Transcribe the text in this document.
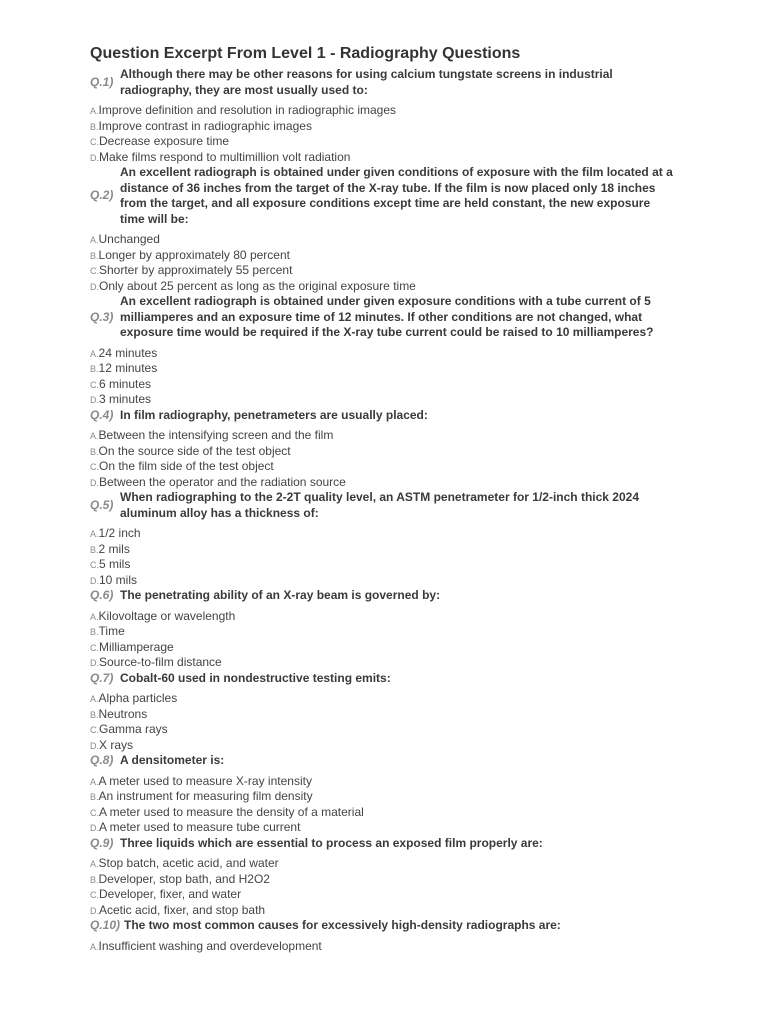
Question Excerpt From Level 1 - Radiography Questions
Q.1)
Although there may be other reasons for using calcium tungstate screens in industrial radiography, they are most usually used to:
A.Improve definition and resolution in radiographic images
B.Improve contrast in radiographic images
C.Decrease exposure time
D.Make films respond to multimillion volt radiation
Q.2)
An excellent radiograph is obtained under given conditions of exposure with the film located at a distance of 36 inches from the target of the X-ray tube. If the film is now placed only 18 inches from the target, and all exposure conditions except time are held constant, the new exposure time will be:
A.Unchanged
B.Longer by approximately 80 percent
C.Shorter by approximately 55 percent
D.Only about 25 percent as long as the original exposure time
Q.3)
An excellent radiograph is obtained under given exposure conditions with a tube current of 5 milliamperes and an exposure time of 12 minutes. If other conditions are not changed, what exposure time would be required if the X-ray tube current could be raised to 10 milliamperes?
A.24 minutes
B.12 minutes
C.6 minutes
D.3 minutes
Q.4) In film radiography, penetrameters are usually placed:
A.Between the intensifying screen and the film
B.On the source side of the test object
C.On the film side of the test object
D.Between the operator and the radiation source
Q.5)
When radiographing to the 2-2T quality level, an ASTM penetrameter for 1/2-inch thick 2024 aluminum alloy has a thickness of:
A.1/2 inch
B.2 mils
C.5 mils
D.10 mils
Q.6) The penetrating ability of an X-ray beam is governed by:
A.Kilovoltage or wavelength
B.Time
C.Milliamperage
D.Source-to-film distance
Q.7) Cobalt-60 used in nondestructive testing emits:
A.Alpha particles
B.Neutrons
C.Gamma rays
D.X rays
Q.8) A densitometer is:
A.A meter used to measure X-ray intensity
B.An instrument for measuring film density
C.A meter used to measure the density of a material
D.A meter used to measure tube current
Q.9) Three liquids which are essential to process an exposed film properly are:
A.Stop batch, acetic acid, and water
B.Developer, stop bath, and H2O2
C.Developer, fixer, and water
D.Acetic acid, fixer, and stop bath
Q.10) The two most common causes for excessively high-density radiographs are:
A.Insufficient washing and overdevelopment
